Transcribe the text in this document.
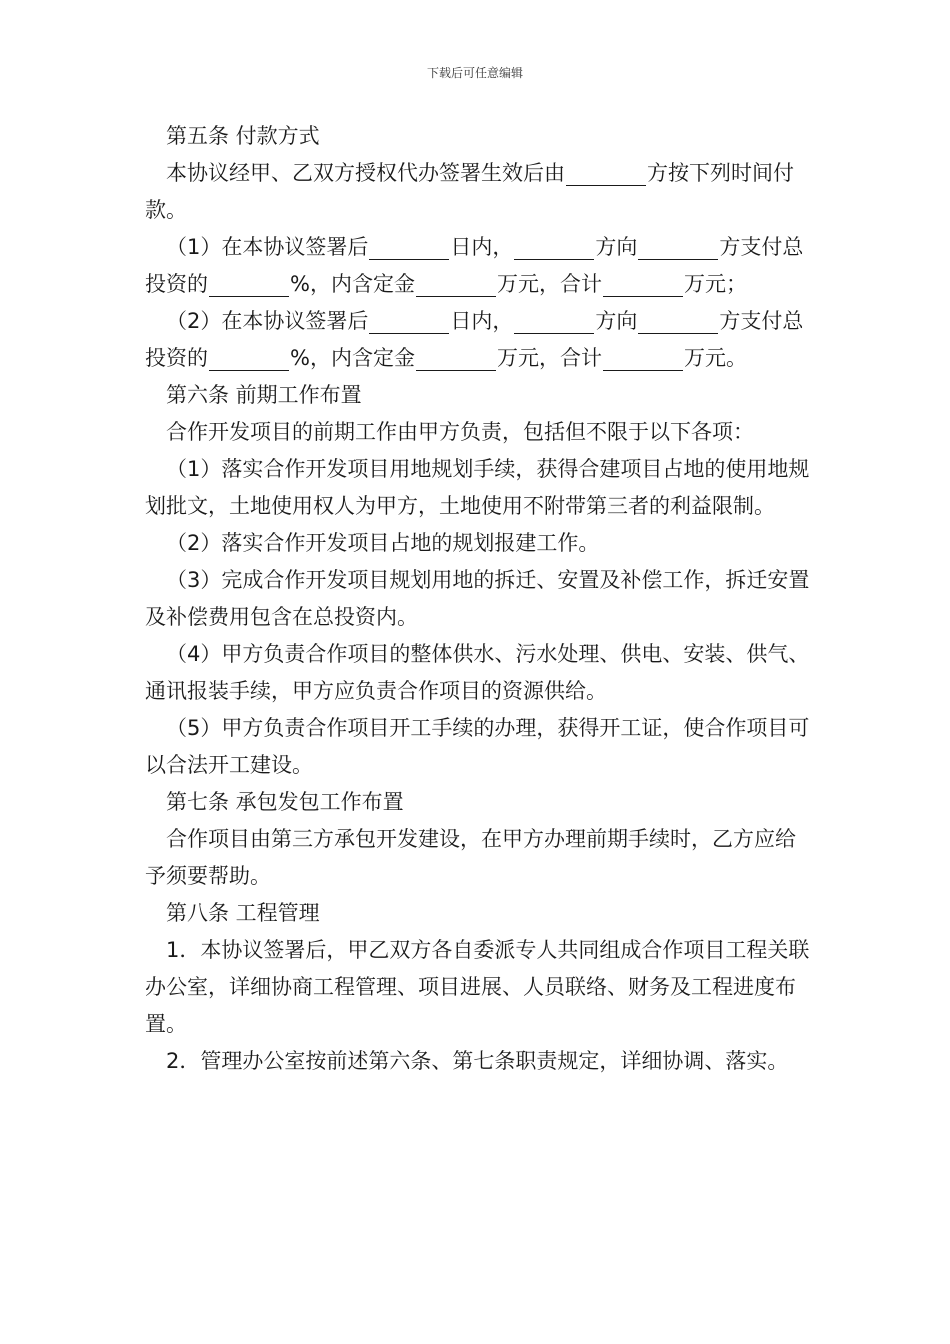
下载后可任意编辑

第五条 付款方式

本协议经甲、乙双方授权代办签署生效后由	方按下列时间付款。

（1）在本协议签署后	日内，	方向	方支付总投资的	%，内含定金	万元，合计	万元；

（2）在本协议签署后	日内，	方向	方支付总投资的	%，内含定金	万元，合计	万元。

第六条 前期工作布置

合作开发项目的前期工作由甲方负责，包括但不限于以下各项：

（1）落实合作开发项目用地规划手续，获得合建项目占地的使用地规划批文，土地使用权人为甲方，土地使用不附带第三者的利益限制。

（2）落实合作开发项目占地的规划报建工作。

（3）完成合作开发项目规划用地的拆迁、安置及补偿工作，拆迁安置及补偿费用包含在总投资内。

（4）甲方负责合作项目的整体供水、污水处理、供电、安装、供气、通讯报装手续，甲方应负责合作项目的资源供给。

（5）甲方负责合作项目开工手续的办理，获得开工证，使合作项目可以合法开工建设。

第七条 承包发包工作布置

合作项目由第三方承包开发建设，在甲方办理前期手续时，乙方应给予须要帮助。

第八条 工程管理

1．本协议签署后，甲乙双方各自委派专人共同组成合作项目工程关联办公室，详细协商工程管理、项目进展、人员联络、财务及工程进度布置。

2．管理办公室按前述第六条、第七条职责规定，详细协调、落实。
